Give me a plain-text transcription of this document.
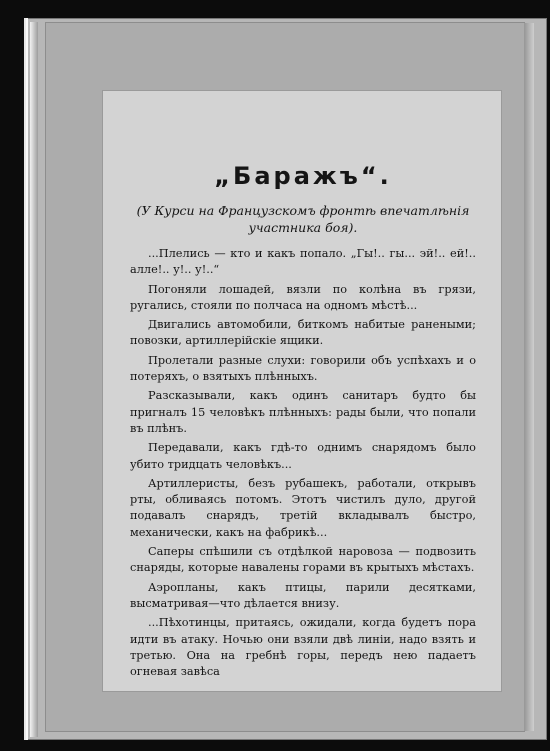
„Баражъ“.

(У Курси на Французскомъ фронтѣ впечатлѣнія участника боя).

...Плелись — кто и какъ попало. „Гы!.. гы... эй!.. ей!.. алле!.. у!.. у!..“

Погоняли лошадей, вязли по колѣна въ грязи, ругались, стояли по полчаса на одномъ мѣстѣ...

Двигались автомобили, биткомъ набитые ранеными; повозки, артиллерійскіе ящики.

Пролетали разные слухи: говорили объ успѣхахъ и о потеряхъ, о взятыхъ плѣнныхъ.

Разсказывали, какъ одинъ санитаръ будто бы пригналъ 15 человѣкъ плѣнныхъ: рады были, что попали въ плѣнъ.

Передавали, какъ гдѣ-то однимъ снарядомъ было убито тридцать человѣкъ...

Артиллеристы, безъ рубашекъ, работали, открывъ рты, обливаясь потомъ. Этотъ чистилъ дуло, другой подавалъ снарядъ, третій вкладывалъ быстро, механически, какъ на фабрикѣ...

Саперы спѣшили съ отдѣлкой наровоза — подвозить снаряды, которые навалены горами въ крытыхъ мѣстахъ.

Аэропланы, какъ птицы, парили десятками, высматривая—что дѣлается внизу.

...Пѣхотинцы, притаясь, ожидали, когда будетъ пора идти въ атаку. Ночью они взяли двѣ линіи, надо взять и третью. Она на гребнѣ горы, передъ нею падаетъ огневая завѣса
